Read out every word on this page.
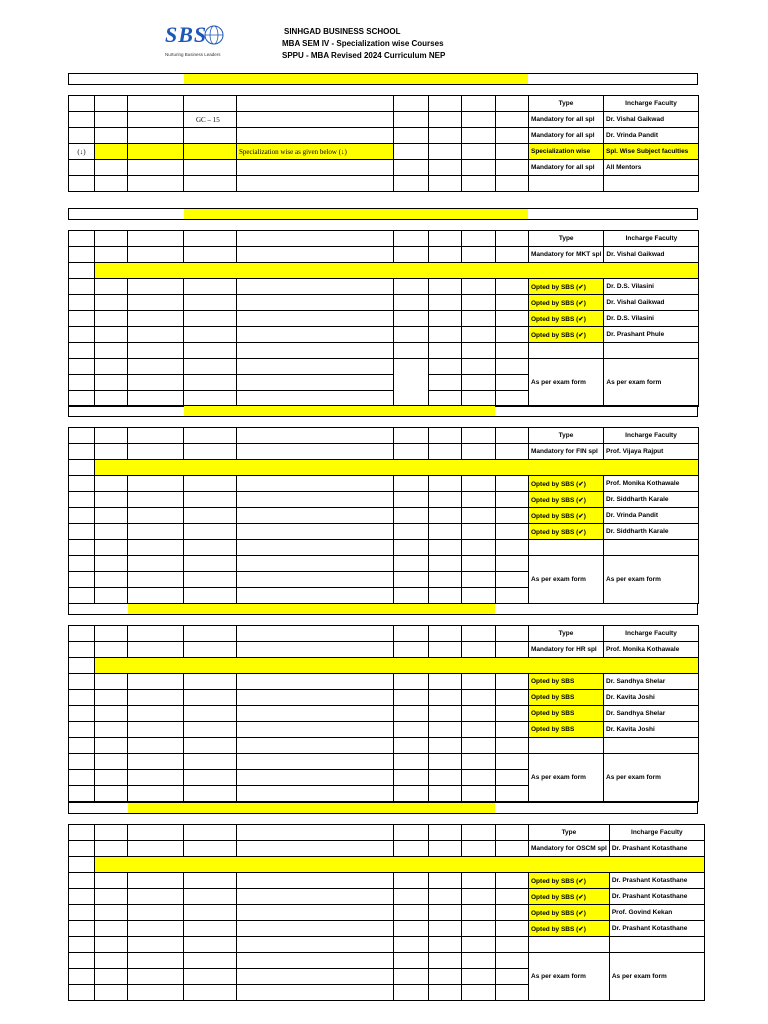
SBS
Nurturing Business Leaders
SINHGAD BUSINESS SCHOOL
MBA SEM IV - Specialization wise Courses
SPPU - MBA Revised 2024 Curriculum NEP
									Type	Incharge Faculty
			GC – 15						Mandatory for all spl	Dr. Vishal Gaikwad
									Mandatory for all spl	Dr. Vrinda Pandit
(↓)				Specialization wise as given below (↓)					Specialization wise	Spl. Wise Subject faculties
									Mandatory for all spl	All Mentors

									Type	Incharge Faculty
									Mandatory for MKT spl	Dr. Vishal Gaikwad

									Opted by SBS (✔)	Dr. D.S. Vilasini
									Opted by SBS (✔)	Dr. Vishal Gaikwad
									Opted by SBS (✔)	Dr. D.S. Vilasini
									Opted by SBS (✔)	Dr. Prashant Phule

									As per exam form	As per exam form

									Type	Incharge Faculty
									Mandatory for FIN spl	Prof. Vijaya Rajput

									Opted by SBS (✔)	Prof. Monika Kothawale
									Opted by SBS (✔)	Dr. Siddharth Karale
									Opted by SBS (✔)	Dr. Vrinda Pandit
									Opted by SBS (✔)	Dr. Siddharth Karale

									As per exam form	As per exam form

									Type	Incharge Faculty
									Mandatory for HR spl	Prof. Monika Kothawale

									Opted by SBS	Dr. Sandhya Shelar
									Opted by SBS	Dr. Kavita Joshi
									Opted by SBS	Dr. Sandhya Shelar
									Opted by SBS	Dr. Kavita Joshi

									As per exam form	As per exam form

									Type	Incharge Faculty
									Mandatory for OSCM spl	Dr. Prashant Kotasthane

									Opted by SBS (✔)	Dr. Prashant Kotasthane
									Opted by SBS (✔)	Dr. Prashant Kotasthane
									Opted by SBS (✔)	Prof. Govind Kekan
									Opted by SBS (✔)	Dr. Prashant Kotasthane

									As per exam form	As per exam form
